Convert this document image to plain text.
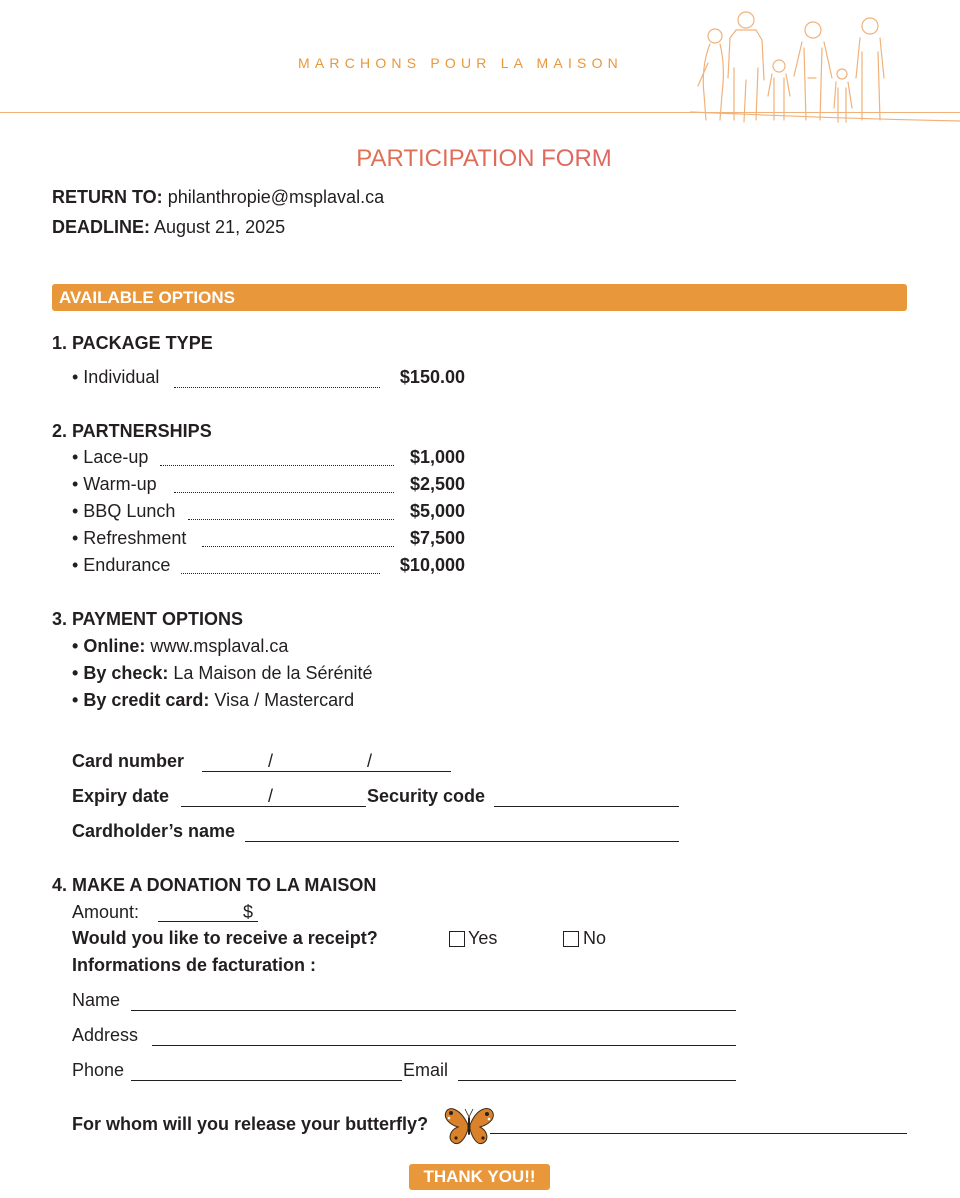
MARCHONS POUR LA MAISON
PARTICIPATION FORM
RETURN TO: philanthropie@msplaval.ca
DEADLINE: August 21, 2025
AVAILABLE OPTIONS
1. PACKAGE TYPE
• Individual	$150.00
2. PARTNERSHIPS
• Lace-up	$1,000
• Warm-up	$2,500
• BBQ Lunch	$5,000
• Refreshment	$7,500
• Endurance	$10,000
3. PAYMENT OPTIONS
• Online: www.msplaval.ca
• By check: La Maison de la Sérénité
• By credit card: Visa / Mastercard
Card number	/	/
Expiry date	/	Security code
Cardholder’s name
4. MAKE A DONATION TO LA MAISON
Amount:	$
Would you like to receive a receipt?	Yes	No
Informations de facturation :
Name
Address
Phone	Email
For whom will you release your butterfly?
THANK YOU!!
